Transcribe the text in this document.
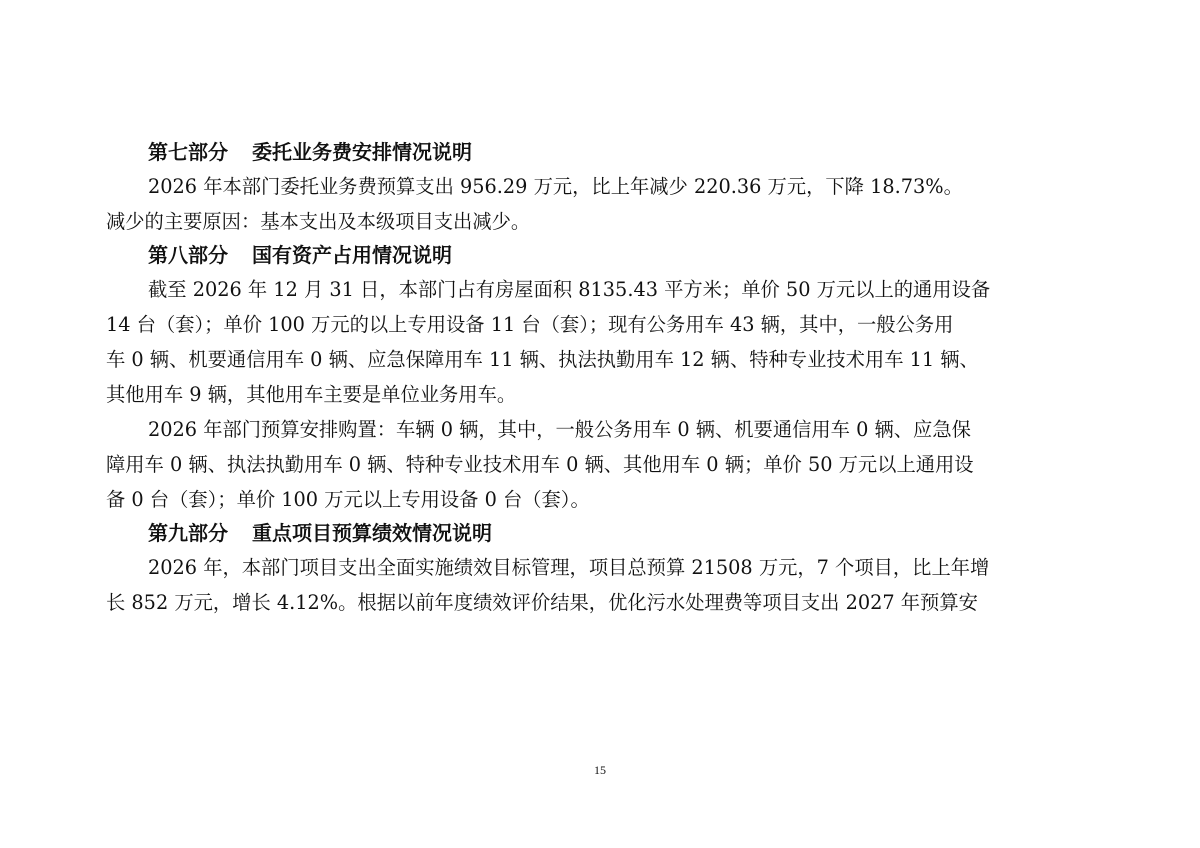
第七部分 委托业务费安排情况说明
2026 年本部门委托业务费预算支出 956.29 万元，比上年减少 220.36 万元，下降 18.73%。
减少的主要原因：基本支出及本级项目支出减少。
第八部分 国有资产占用情况说明
截至 2026 年 12 月 31 日，本部门占有房屋面积 8135.43 平方米；单价 50 万元以上的通用设备
14 台（套）；单价 100 万元的以上专用设备 11 台（套）；现有公务用车 43 辆，其中，一般公务用
车 0 辆、机要通信用车 0 辆、应急保障用车 11 辆、执法执勤用车 12 辆、特种专业技术用车 11 辆、
其他用车 9 辆，其他用车主要是单位业务用车。
2026 年部门预算安排购置：车辆 0 辆，其中，一般公务用车 0 辆、机要通信用车 0 辆、应急保
障用车 0 辆、执法执勤用车 0 辆、特种专业技术用车 0 辆、其他用车 0 辆；单价 50 万元以上通用设
备 0 台（套）；单价 100 万元以上专用设备 0 台（套）。
第九部分 重点项目预算绩效情况说明
2026 年，本部门项目支出全面实施绩效目标管理，项目总预算 21508 万元，7 个项目，比上年增
长 852 万元，增长 4.12%。根据以前年度绩效评价结果，优化污水处理费等项目支出 2027 年预算安
15
